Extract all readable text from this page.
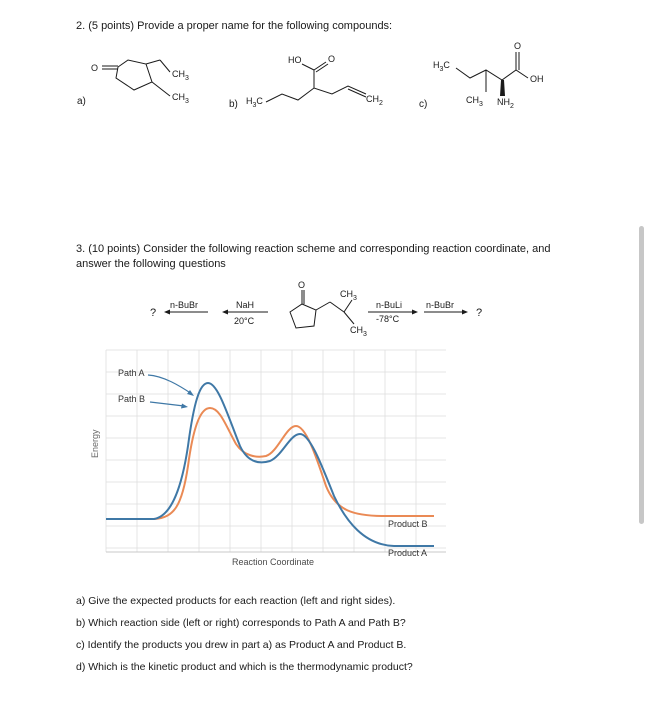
2. (5 points) Provide a proper name for the following compounds:
a)	b)	c)
O
$CH_3$
$CH_3$
HO	O
$H_3C$	$CH_2$
O
OH
$H_3C$
$CH_3$ $NH_2$
3. (10 points) Consider the following reaction scheme and corresponding reaction coordinate, and
answer the following questions
?
n-BuBr	NaH
20°C
O
$CH_3$
$CH_3$
n-BuLi
-78°C
n-BuBr
?
Energy
Reaction Coordinate
Path A
Path B
Product B
Product A
a) Give the expected products for each reaction (left and right sides).
b) Which reaction side (left or right) corresponds to Path A and Path B?
c) Identify the products you drew in part a) as Product A and Product B.
d) Which is the kinetic product and which is the thermodynamic product?
